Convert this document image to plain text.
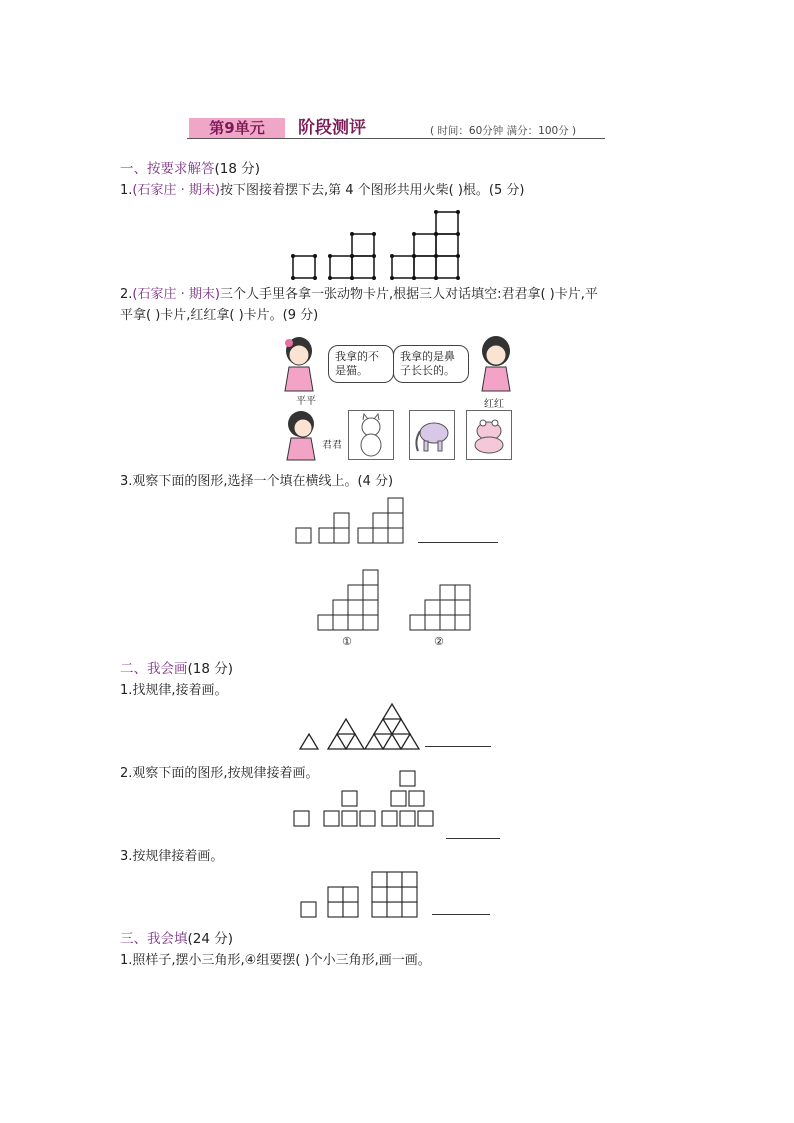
第9单元	阶段测评	( 时间：60分钟 满分：100分 )
一、按要求解答(18 分)
1.(石家庄 · 期末)按下图接着摆下去,第 4 个图形共用火柴( )根。(5 分)
2.(石家庄 · 期末)三个人手里各拿一张动物卡片,根据三人对话填空:君君拿( )卡片,平
平拿( )卡片,红红拿( )卡片。(9 分)
我拿的不是猫。
我拿的是鼻子长长的。
平平	红红
君君
3.观察下面的图形,选择一个填在横线上。(4 分)
①	②
二、我会画(18 分)
1.找规律,接着画。
2.观察下面的图形,按规律接着画。
3.按规律接着画。
三、我会填(24 分)
1.照样子,摆小三角形,④组要摆( )个小三角形,画一画。
